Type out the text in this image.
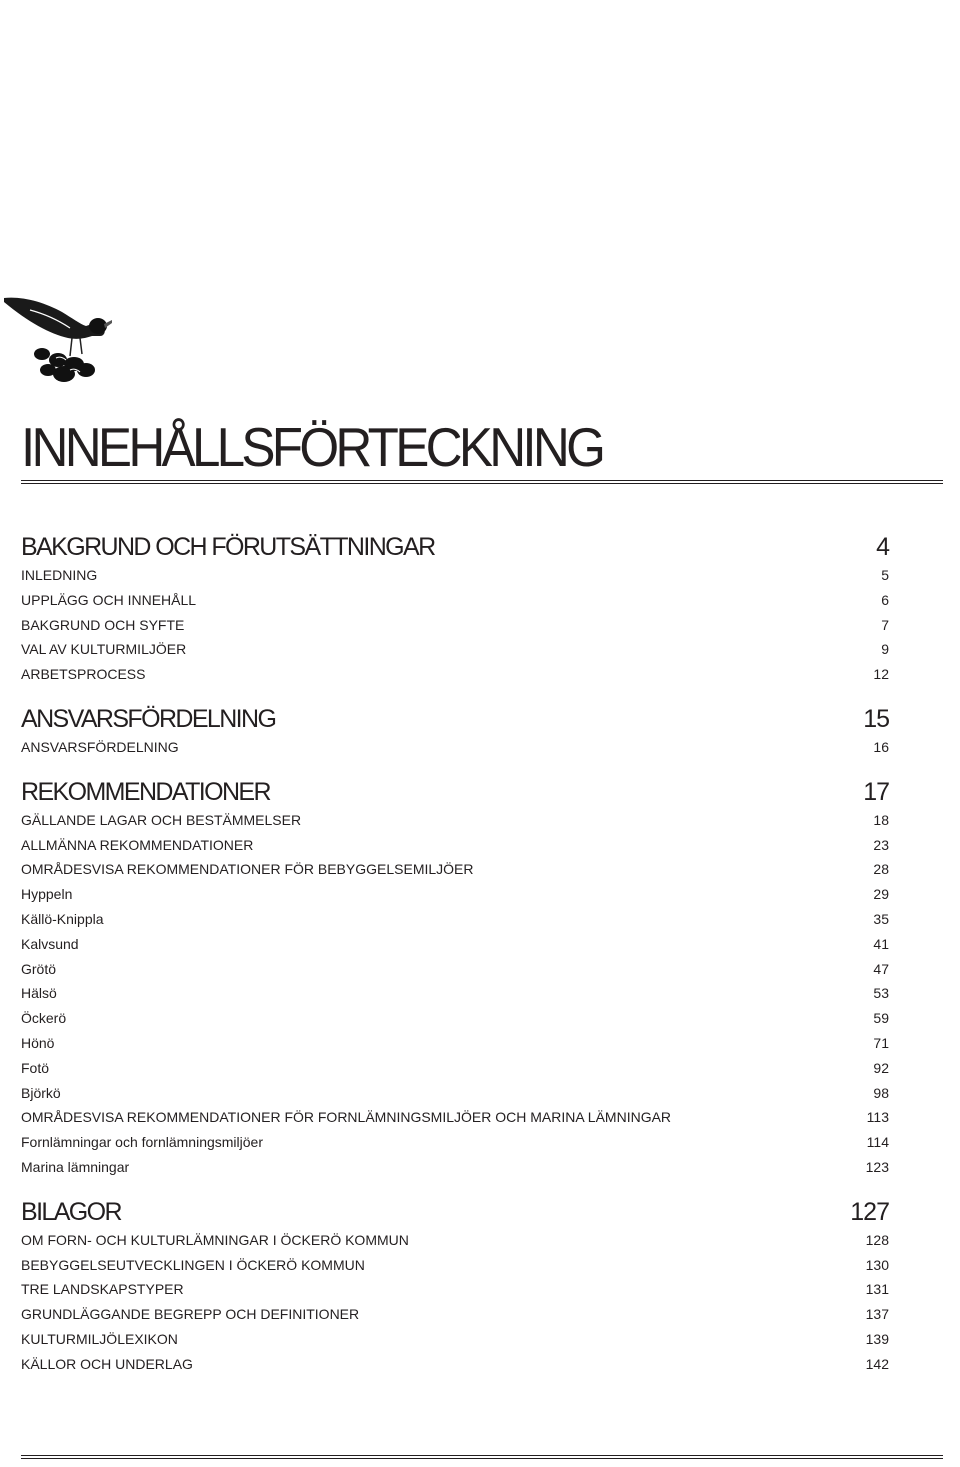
INNEHÅLLSFÖRTECKNING
BAKGRUND OCH FÖRUTSÄTTNINGAR	4
INLEDNING	5
UPPLÄGG OCH INNEHÅLL	6
BAKGRUND OCH SYFTE	7
VAL AV KULTURMILJÖER	9
ARBETSPROCESS	12
ANSVARSFÖRDELNING	15
ANSVARSFÖRDELNING	16
REKOMMENDATIONER	17
GÄLLANDE LAGAR OCH BESTÄMMELSER	18
ALLMÄNNA REKOMMENDATIONER	23
OMRÅDESVISA REKOMMENDATIONER FÖR BEBYGGELSEMILJÖER	28
Hyppeln	29
Källö-Knippla	35
Kalvsund	41
Grötö	47
Hälsö	53
Öckerö	59
Hönö	71
Fotö	92
Björkö	98
OMRÅDESVISA REKOMMENDATIONER FÖR FORNLÄMNINGSMILJÖER OCH MARINA LÄMNINGAR	113
Fornlämningar och fornlämningsmiljöer	114
Marina lämningar	123
BILAGOR	127
OM FORN- OCH KULTURLÄMNINGAR I ÖCKERÖ KOMMUN	128
BEBYGGELSEUTVECKLINGEN I ÖCKERÖ KOMMUN	130
TRE LANDSKAPSTYPER	131
GRUNDLÄGGANDE BEGREPP OCH DEFINITIONER	137
KULTURMILJÖLEXIKON	139
KÄLLOR OCH UNDERLAG	142
